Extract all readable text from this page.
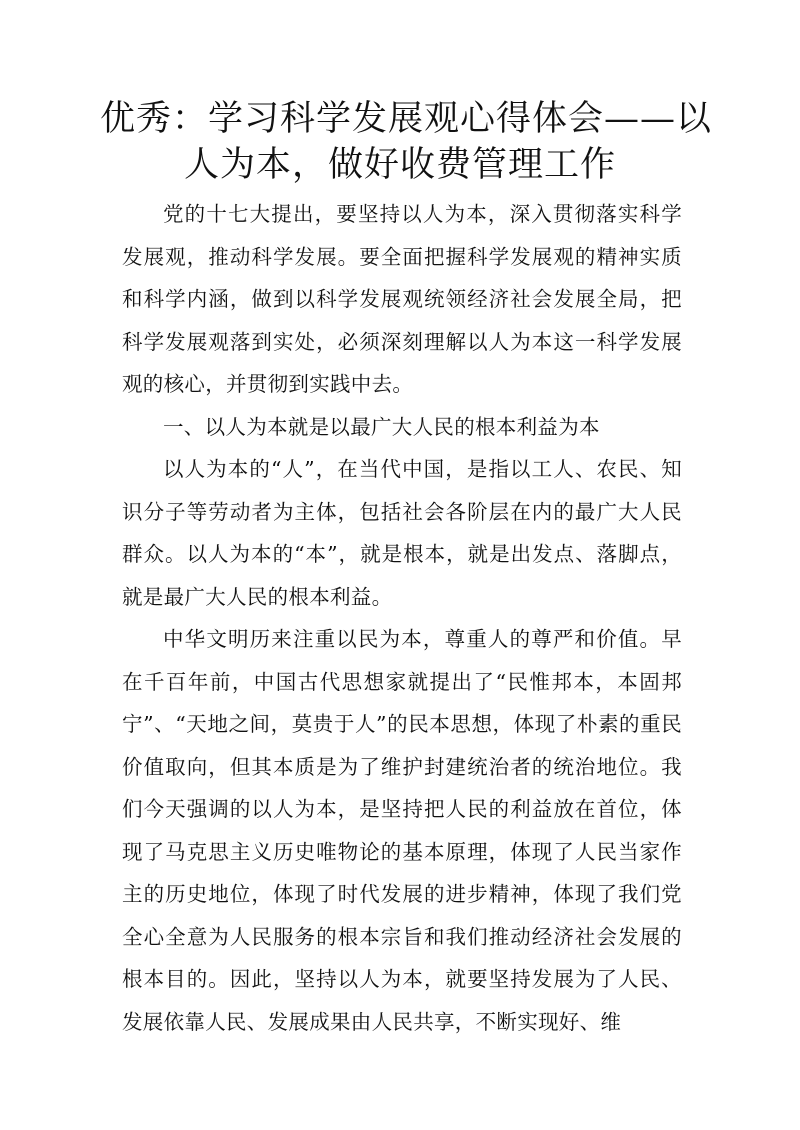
优秀：学习科学发展观心得体会——以
人为本，做好收费管理工作

党的十七大提出，要坚持以人为本，深入贯彻落实科学发展观，推动科学发展。要全面把握科学发展观的精神实质和科学内涵，做到以科学发展观统领经济社会发展全局，把科学发展观落到实处，必须深刻理解以人为本这一科学发展观的核心，并贯彻到实践中去。

一、以人为本就是以最广大人民的根本利益为本

以人为本的“人”，在当代中国，是指以工人、农民、知识分子等劳动者为主体，包括社会各阶层在内的最广大人民群众。以人为本的“本”，就是根本，就是出发点、落脚点，就是最广大人民的根本利益。

中华文明历来注重以民为本，尊重人的尊严和价值。早在千百年前，中国古代思想家就提出了“民惟邦本，本固邦宁”、“天地之间，莫贵于人”的民本思想，体现了朴素的重民价值取向，但其本质是为了维护封建统治者的统治地位。我们今天强调的以人为本，是坚持把人民的利益放在首位，体现了马克思主义历史唯物论的基本原理，体现了人民当家作主的历史地位，体现了时代发展的进步精神，体现了我们党全心全意为人民服务的根本宗旨和我们推动经济社会发展的根本目的。因此，坚持以人为本，就要坚持发展为了人民、发展依靠人民、发展成果由人民共享，不断实现好、维
